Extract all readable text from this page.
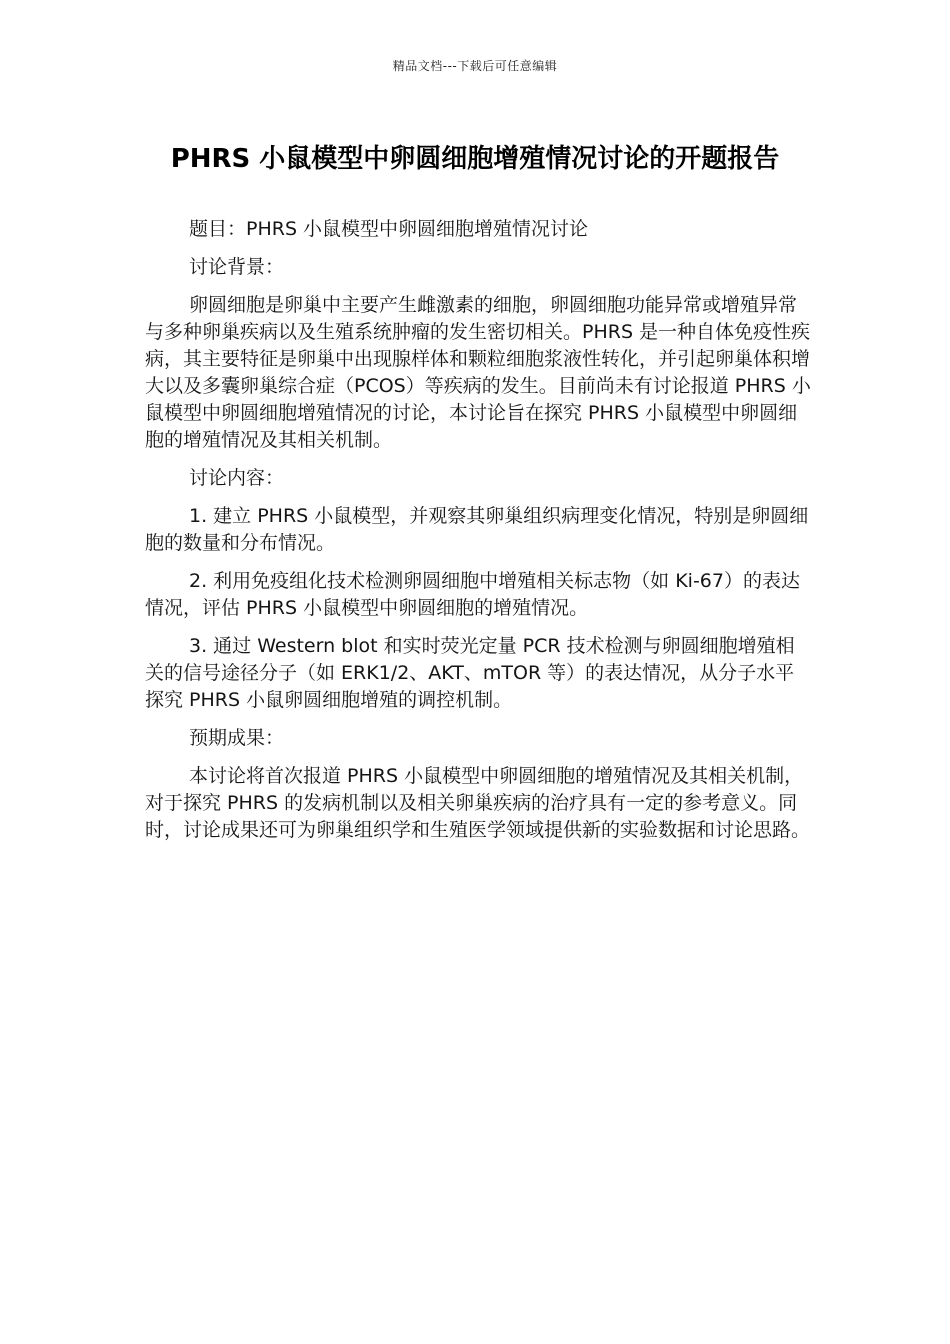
精品文档---下载后可任意编辑
PHRS 小鼠模型中卵圆细胞增殖情况讨论的开题报告

题目：PHRS 小鼠模型中卵圆细胞增殖情况讨论

讨论背景：

卵圆细胞是卵巢中主要产生雌激素的细胞，卵圆细胞功能异常或增殖异常与多种卵巢疾病以及生殖系统肿瘤的发生密切相关。PHRS 是一种自体免疫性疾病，其主要特征是卵巢中出现腺样体和颗粒细胞浆液性转化，并引起卵巢体积增大以及多囊卵巢综合症（PCOS）等疾病的发生。目前尚未有讨论报道 PHRS 小鼠模型中卵圆细胞增殖情况的讨论，本讨论旨在探究 PHRS 小鼠模型中卵圆细胞的增殖情况及其相关机制。

讨论内容：

1. 建立 PHRS 小鼠模型，并观察其卵巢组织病理变化情况，特别是卵圆细胞的数量和分布情况。

2. 利用免疫组化技术检测卵圆细胞中增殖相关标志物（如 Ki-67）的表达情况，评估 PHRS 小鼠模型中卵圆细胞的增殖情况。

3. 通过 Western blot 和实时荧光定量 PCR 技术检测与卵圆细胞增殖相关的信号途径分子（如 ERK1/2、AKT、mTOR 等）的表达情况，从分子水平探究 PHRS 小鼠卵圆细胞增殖的调控机制。

预期成果：

本讨论将首次报道 PHRS 小鼠模型中卵圆细胞的增殖情况及其相关机制，对于探究 PHRS 的发病机制以及相关卵巢疾病的治疗具有一定的参考意义。同时，讨论成果还可为卵巢组织学和生殖医学领域提供新的实验数据和讨论思路。
